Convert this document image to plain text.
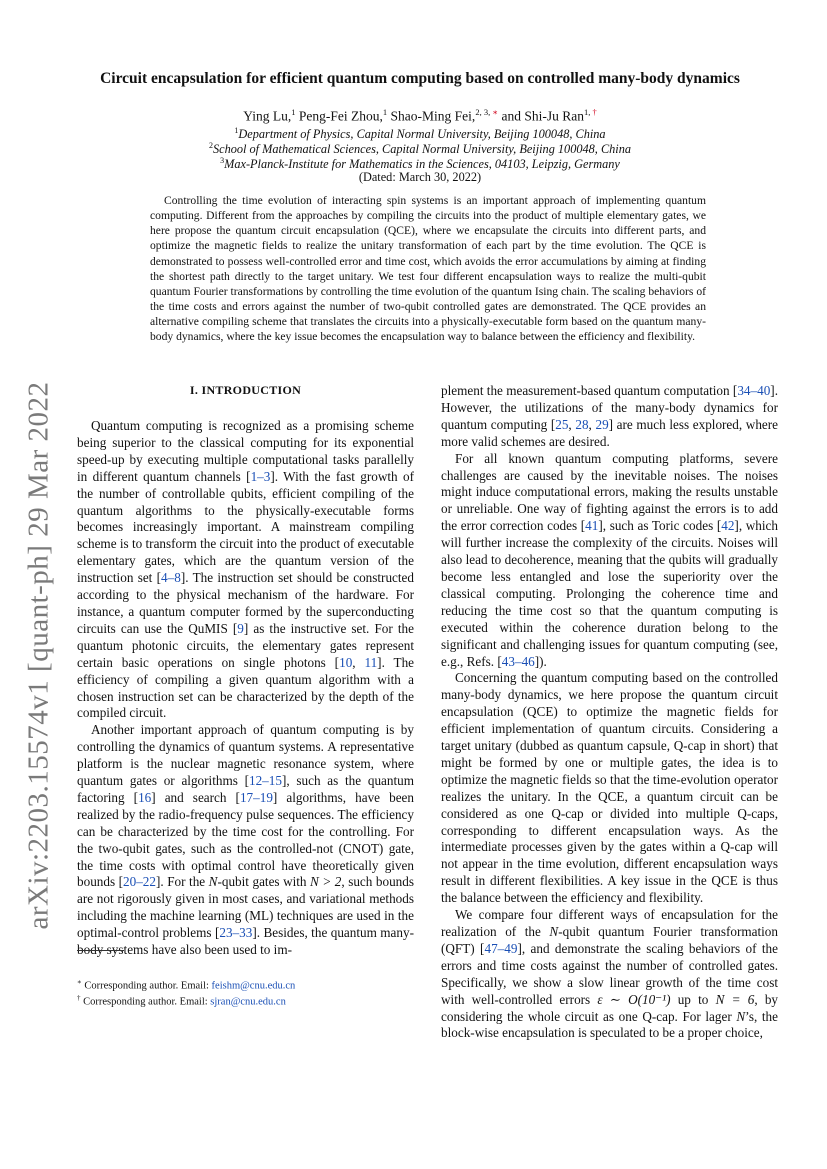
arXiv:2203.15574v1 [quant-ph] 29 Mar 2022
Circuit encapsulation for efficient quantum computing based on controlled many-body dynamics
Ying Lu,$^1$ Peng-Fei Zhou,$^1$ Shao-Ming Fei,$^{2, 3, ∗}$ and Shi-Ju Ran$^{1, \dagger}$
$^1$Department of Physics, Capital Normal University, Beijing 100048, China
$^2$School of Mathematical Sciences, Capital Normal University, Beijing 100048, China
$^3$Max-Planck-Institute for Mathematics in the Sciences, 04103, Leipzig, Germany
(Dated: March 30, 2022)
Controlling the time evolution of interacting spin systems is an important approach of implementing quantum computing. Different from the approaches by compiling the circuits into the product of multiple elementary gates, we here propose the quantum circuit encapsulation (QCE), where we encapsulate the circuits into different parts, and optimize the magnetic fields to realize the unitary transformation of each part by the time evolution. The QCE is demonstrated to possess well-controlled error and time cost, which avoids the error accumulations by aiming at finding the shortest path directly to the target unitary. We test four different encapsulation ways to realize the multi-qubit quantum Fourier transformations by controlling the time evolution of the quantum Ising chain. The scaling behaviors of the time costs and errors against the number of two-qubit controlled gates are demonstrated. The QCE provides an alternative compiling scheme that translates the circuits into a physically-executable form based on the quantum many-body dynamics, where the key issue becomes the encapsulation way to balance between the efficiency and flexibility.
I. INTRODUCTION

Quantum computing is recognized as a promising scheme being superior to the classical computing for its exponential speed-up by executing multiple computational tasks parallelly in different quantum channels [1–3]. With the fast growth of the number of controllable qubits, efficient compiling of the quantum algorithms to the physically-executable forms becomes increasingly important. A mainstream compiling scheme is to transform the circuit into the product of executable elementary gates, which are the quantum version of the instruction set [4–8]. The instruction set should be constructed according to the physical mechanism of the hardware. For instance, a quantum computer formed by the superconducting circuits can use the QuMIS [9] as the instructive set. For the quantum photonic circuits, the elementary gates represent certain basic operations on single photons [10, 11]. The efficiency of compiling a given quantum algorithm with a chosen instruction set can be characterized by the depth of the compiled circuit.

Another important approach of quantum computing is by controlling the dynamics of quantum systems. A representative platform is the nuclear magnetic resonance system, where quantum gates or algorithms [12–15], such as the quantum factoring [16] and search [17–19] algorithms, have been realized by the radio-frequency pulse sequences. The efficiency can be characterized by the time cost for the controlling. For the two-qubit gates, such as the controlled-not (CNOT) gate, the time costs with optimal control have theoretically given bounds [20–22]. For the N-qubit gates with N > 2, such bounds are not rigorously given in most cases, and variational methods including the machine learning (ML) techniques are used in the optimal-control problems [23–33]. Besides, the quantum many-body systems have also been used to im-

plement the measurement-based quantum computation [34–40]. However, the utilizations of the many-body dynamics for quantum computing [25, 28, 29] are much less explored, where more valid schemes are desired.

For all known quantum computing platforms, severe challenges are caused by the inevitable noises. The noises might induce computational errors, making the results unstable or unreliable. One way of fighting against the errors is to add the error correction codes [41], such as Toric codes [42], which will further increase the complexity of the circuits. Noises will also lead to decoherence, meaning that the qubits will gradually become less entangled and lose the superiority over the classical computing. Prolonging the coherence time and reducing the time cost so that the quantum computing is executed within the coherence duration belong to the significant and challenging issues for quantum computing (see, e.g., Refs. [43–46]).

Concerning the quantum computing based on the controlled many-body dynamics, we here propose the quantum circuit encapsulation (QCE) to optimize the magnetic fields for efficient implementation of quantum circuits. Considering a target unitary (dubbed as quantum capsule, Q-cap in short) that might be formed by one or multiple gates, the idea is to optimize the magnetic fields so that the time-evolution operator realizes the unitary. In the QCE, a quantum circuit can be considered as one Q-cap or divided into multiple Q-caps, corresponding to different encapsulation ways. As the intermediate processes given by the gates within a Q-cap will not appear in the time evolution, different encapsulation ways result in different flexibilities. A key issue in the QCE is thus the balance between the efficiency and flexibility.

We compare four different ways of encapsulation for the realization of the N-qubit quantum Fourier transformation (QFT) [47–49], and demonstrate the scaling behaviors of the errors and time costs against the number of controlled gates. Specifically, we show a slow linear growth of the time cost with well-controlled errors ε ∼ O(10⁻¹) up to N = 6, by considering the whole circuit as one Q-cap. For lager N’s, the block-wise encapsulation is speculated to be a proper choice,

∗ Corresponding author. Email: feishm@cnu.edu.cn
† Corresponding author. Email: sjran@cnu.edu.cn
